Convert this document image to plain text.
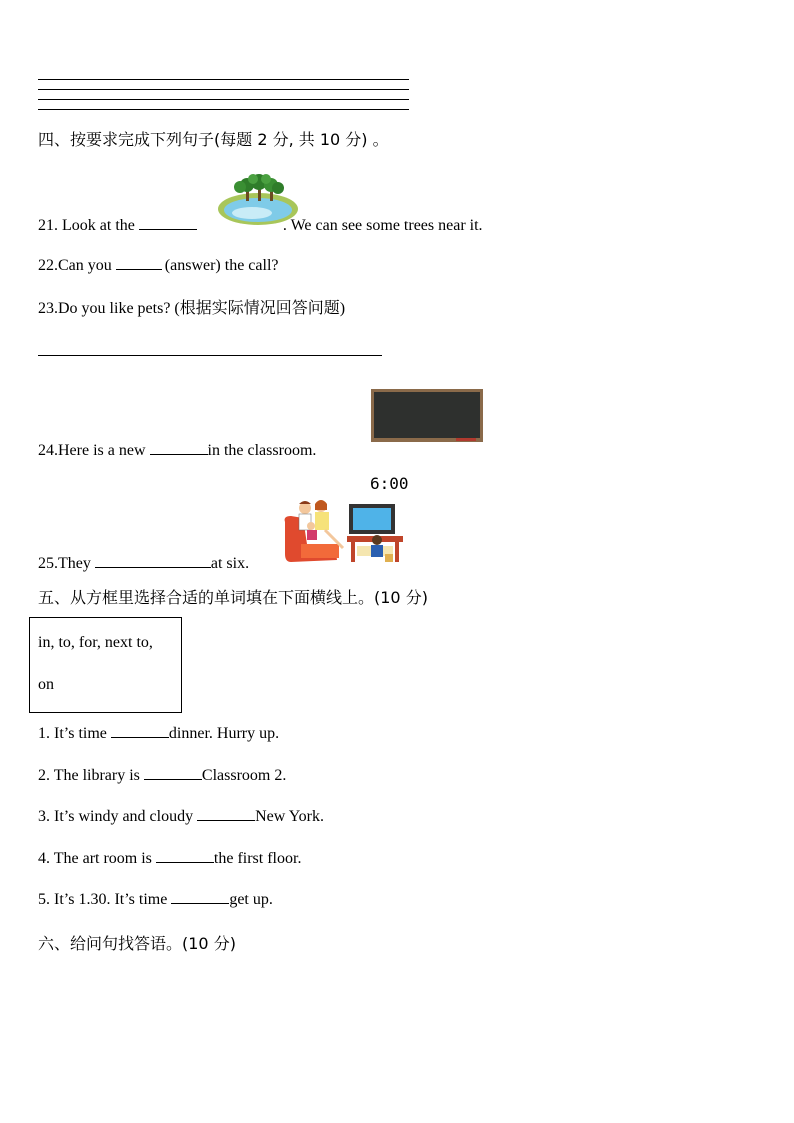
四、按要求完成下列句子(每题 2 分, 共 10 分) 。
21. Look at the	. We can see some trees near it.
22.Can you	(answer) the call?
23.Do you like pets? (根据实际情况回答问题)
24.Here is a new	in the classroom.
6:00
25.They	at six.
五、从方框里选择合适的单词填在下面横线上。(10 分)
in, to, for, next to,
on
1. It’s time	dinner. Hurry up.
2. The library is	Classroom 2.
3. It’s windy and cloudy	New York.
4. The art room is	the first floor.
5. It’s 1.30. It’s time	get up.
六、给问句找答语。(10 分)
